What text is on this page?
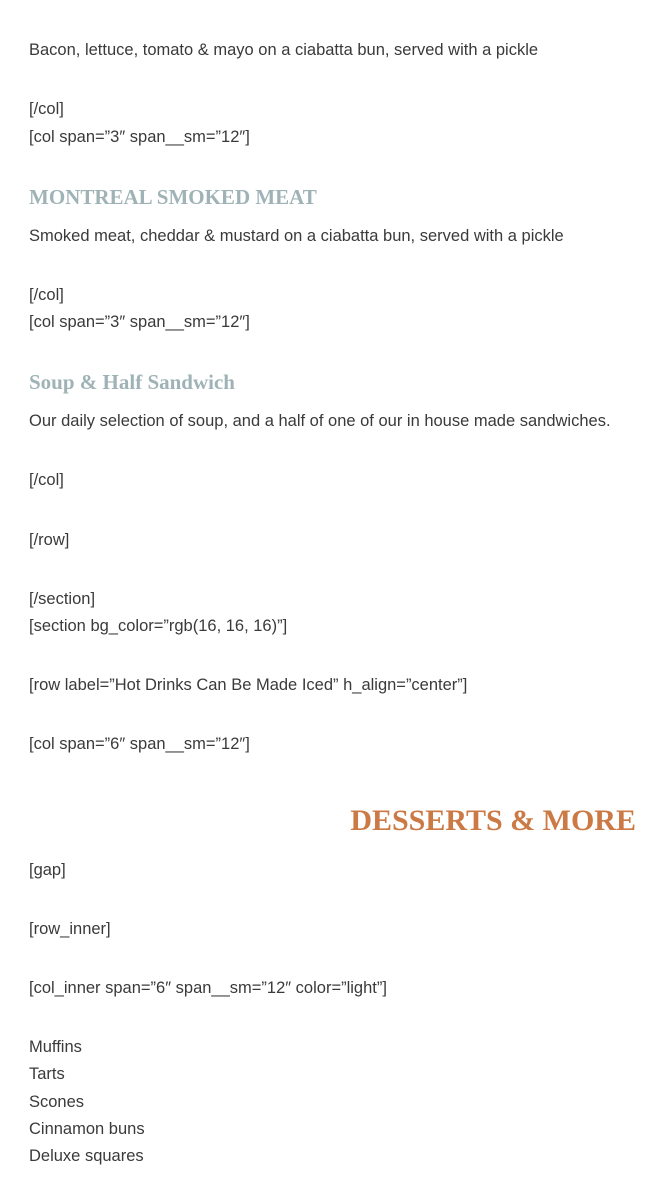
Bacon, lettuce, tomato & mayo on a ciabatta bun, served with a pickle
[/col]
[col span=”3″ span__sm=”12″]
MONTREAL SMOKED MEAT
Smoked meat, cheddar & mustard on a ciabatta bun, served with a pickle
[/col]
[col span=”3″ span__sm=”12″]
Soup & Half Sandwich
Our daily selection of soup, and a half of one of our in house made sandwiches.
[/col]
[/row]
[/section]
[section bg_color=”rgb(16, 16, 16)”]
[row label=”Hot Drinks Can Be Made Iced” h_align=”center”]
[col span=”6″ span__sm=”12″]
DESSERTS & MORE
[gap]
[row_inner]
[col_inner span=”6″ span__sm=”12″ color=”light”]
Muffins
Tarts
Scones
Cinnamon buns
Deluxe squares
